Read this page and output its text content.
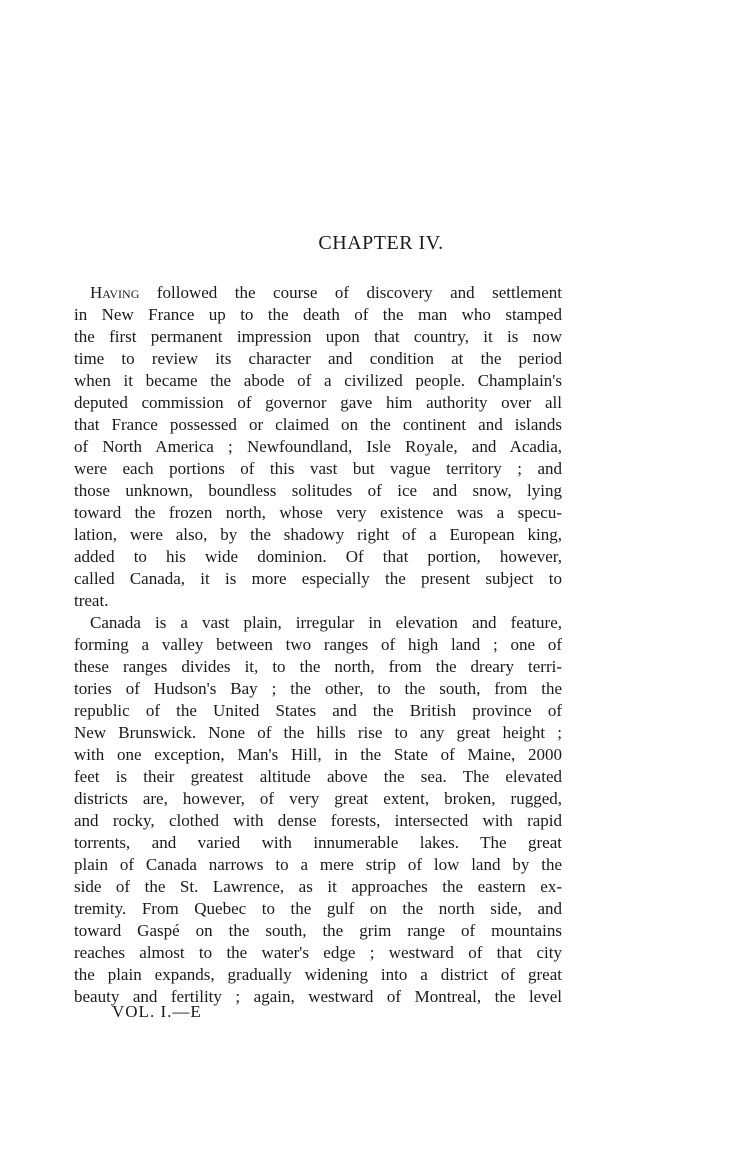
CHAPTER IV.
Having followed the course of discovery and settlement
in New France up to the death of the man who stamped
the first permanent impression upon that country, it is now
time to review its character and condition at the period
when it became the abode of a civilized people. Champlain's
deputed commission of governor gave him authority over all
that France possessed or claimed on the continent and islands
of North America ; Newfoundland, Isle Royale, and Acadia,
were each portions of this vast but vague territory ; and
those unknown, boundless solitudes of ice and snow, lying
toward the frozen north, whose very existence was a specu-
lation, were also, by the shadowy right of a European king,
added to his wide dominion. Of that portion, however,
called Canada, it is more especially the present subject to
treat.
Canada is a vast plain, irregular in elevation and feature,
forming a valley between two ranges of high land ; one of
these ranges divides it, to the north, from the dreary terri-
tories of Hudson's Bay ; the other, to the south, from the
republic of the United States and the British province of
New Brunswick. None of the hills rise to any great height ;
with one exception, Man's Hill, in the State of Maine, 2000
feet is their greatest altitude above the sea. The elevated
districts are, however, of very great extent, broken, rugged,
and rocky, clothed with dense forests, intersected with rapid
torrents, and varied with innumerable lakes. The great
plain of Canada narrows to a mere strip of low land by the
side of the St. Lawrence, as it approaches the eastern ex-
tremity. From Quebec to the gulf on the north side, and
toward Gaspé on the south, the grim range of mountains
reaches almost to the water's edge ; westward of that city
the plain expands, gradually widening into a district of great
beauty and fertility ; again, westward of Montreal, the level
VOL. I.—E
